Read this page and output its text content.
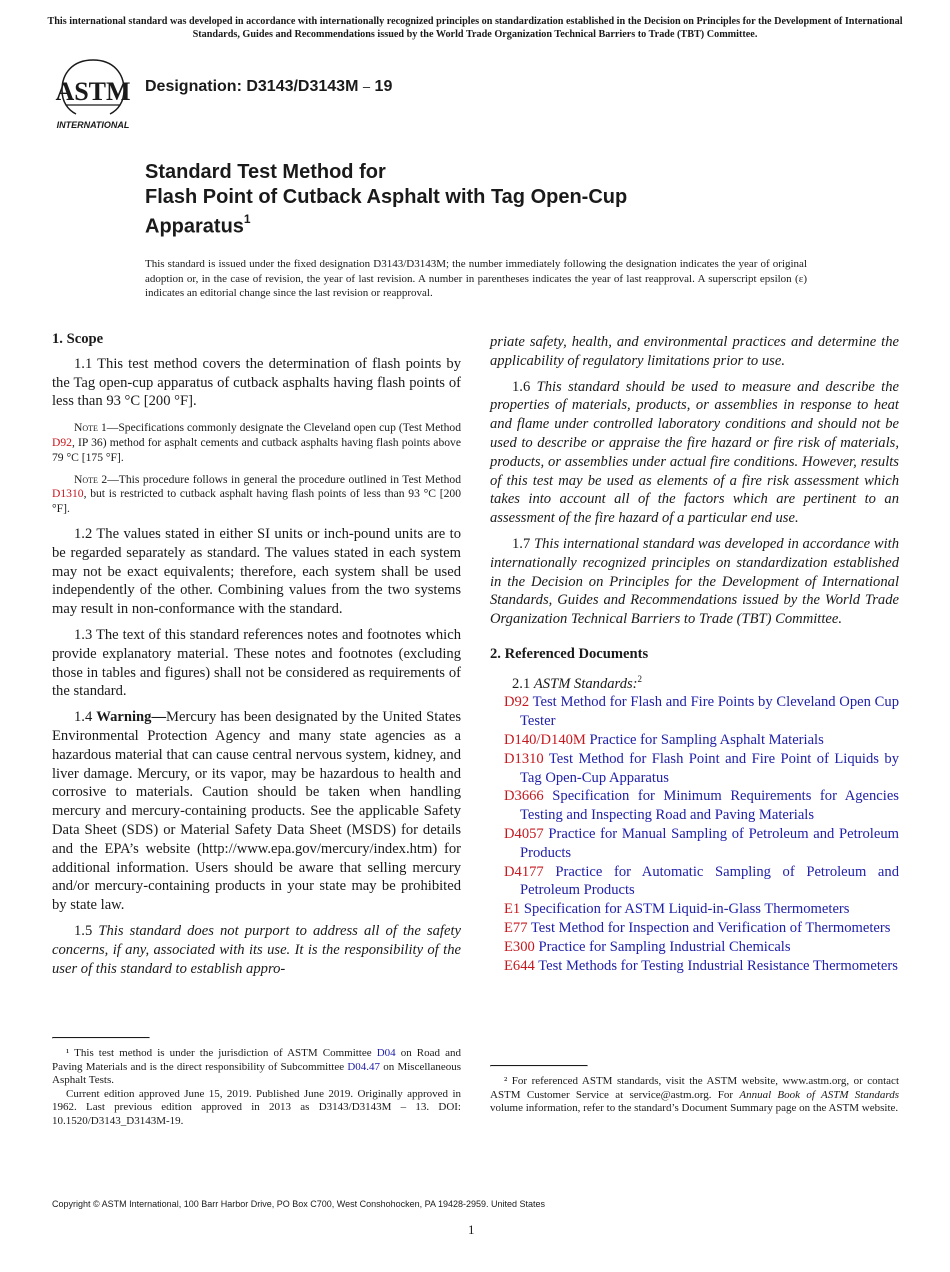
This international standard was developed in accordance with internationally recognized principles on standardization established in the Decision on Principles for the Development of International Standards, Guides and Recommendations issued by the World Trade Organization Technical Barriers to Trade (TBT) Committee.
ASTM
INTERNATIONAL
Designation: D3143/D3143M – 19
Standard Test Method for
Flash Point of Cutback Asphalt with Tag Open-Cup
Apparatus$^1$
This standard is issued under the fixed designation D3143/D3143M; the number immediately following the designation indicates the year of original adoption or, in the case of revision, the year of last revision. A number in parentheses indicates the year of last reapproval. A superscript epsilon (ε) indicates an editorial change since the last revision or reapproval.
1. Scope

1.1 This test method covers the determination of flash points by the Tag open-cup apparatus of cutback asphalts having flash points of less than 93 °C [200 °F].

Note 1—Specifications commonly designate the Cleveland open cup (Test Method D92, IP 36) method for asphalt cements and cutback asphalts having flash points above 79 °C [175 °F].

Note 2—This procedure follows in general the procedure outlined in Test Method D1310, but is restricted to cutback asphalt having flash points of less than 93 °C [200 °F].

1.2 The values stated in either SI units or inch-pound units are to be regarded separately as standard. The values stated in each system may not be exact equivalents; therefore, each system shall be used independently of the other. Combining values from the two systems may result in non-conformance with the standard.

1.3 The text of this standard references notes and footnotes which provide explanatory material. These notes and footnotes (excluding those in tables and figures) shall not be considered as requirements of the standard.

1.4 Warning—Mercury has been designated by the United States Environmental Protection Agency and many state agencies as a hazardous material that can cause central nervous system, kidney, and liver damage. Mercury, or its vapor, may be hazardous to health and corrosive to materials. Caution should be taken when handling mercury and mercury-containing products. See the applicable Safety Data Sheet (SDS) or Material Safety Data Sheet (MSDS) for details and the EPA’s website (http://www.epa.gov/mercury/index.htm) for additional information. Users should be aware that selling mercury and/or mercury-containing products in your state may be prohibited by state law.

1.5 This standard does not purport to address all of the safety concerns, if any, associated with its use. It is the responsibility of the user of this standard to establish appro-

priate safety, health, and environmental practices and determine the applicability of regulatory limitations prior to use.

1.6 This standard should be used to measure and describe the properties of materials, products, or assemblies in response to heat and flame under controlled laboratory conditions and should not be used to describe or appraise the fire hazard or fire risk of materials, products, or assemblies under actual fire conditions. However, results of this test may be used as elements of a fire risk assessment which takes into account all of the factors which are pertinent to an assessment of the fire hazard of a particular end use.

1.7 This international standard was developed in accordance with internationally recognized principles on standardization established in the Decision on Principles for the Development of International Standards, Guides and Recommendations issued by the World Trade Organization Technical Barriers to Trade (TBT) Committee.

2. Referenced Documents

2.1 ASTM Standards:$^2$

D92 Test Method for Flash and Fire Points by Cleveland Open Cup Tester
D140/D140M Practice for Sampling Asphalt Materials
D1310 Test Method for Flash Point and Fire Point of Liquids by Tag Open-Cup Apparatus
D3666 Specification for Minimum Requirements for Agencies Testing and Inspecting Road and Paving Materials
D4057 Practice for Manual Sampling of Petroleum and Petroleum Products
D4177 Practice for Automatic Sampling of Petroleum and Petroleum Products
E1 Specification for ASTM Liquid-in-Glass Thermometers
E77 Test Method for Inspection and Verification of Thermometers
E300 Practice for Sampling Industrial Chemicals
E644 Test Methods for Testing Industrial Resistance Thermometers

¹ This test method is under the jurisdiction of ASTM Committee D04 on Road and Paving Materials and is the direct responsibility of Subcommittee D04.47 on Miscellaneous Asphalt Tests.

Current edition approved June 15, 2019. Published June 2019. Originally approved in 1962. Last previous edition approved in 2013 as D3143/D3143M – 13. DOI: 10.1520/D3143_D3143M-19.

² For referenced ASTM standards, visit the ASTM website, www.astm.org, or contact ASTM Customer Service at service@astm.org. For Annual Book of ASTM Standards volume information, refer to the standard’s Document Summary page on the ASTM website.

Copyright © ASTM International, 100 Barr Harbor Drive, PO Box C700, West Conshohocken, PA 19428-2959. United States
1
